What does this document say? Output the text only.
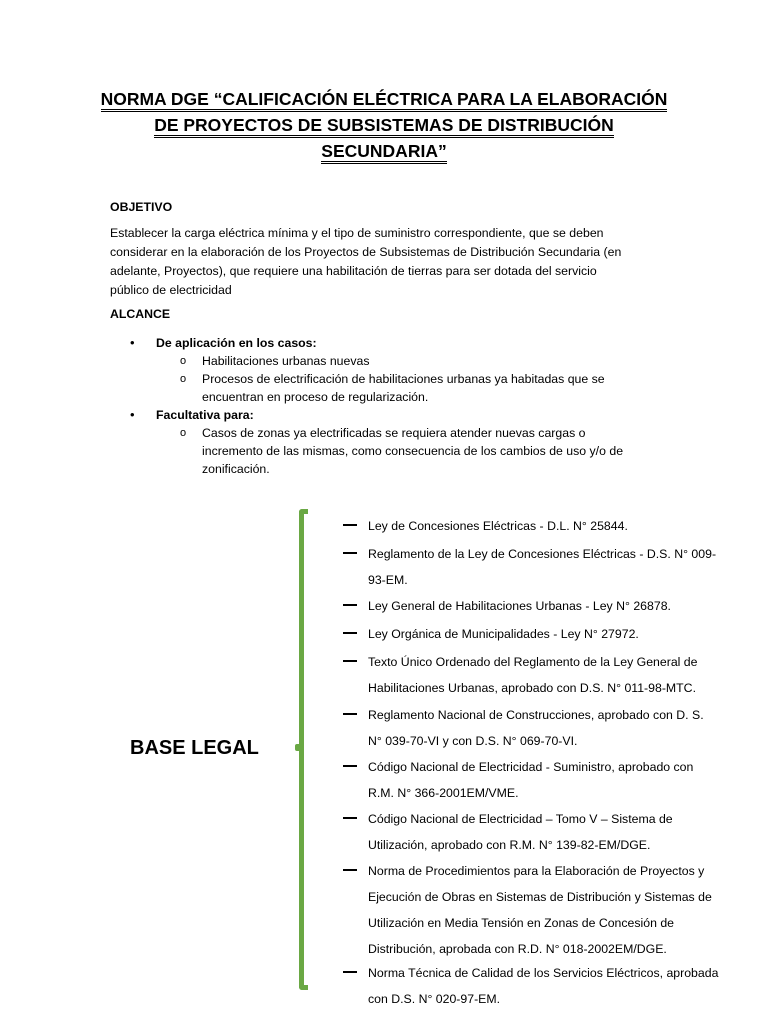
NORMA DGE “CALIFICACIÓN ELÉCTRICA PARA LA ELABORACIÓN
DE PROYECTOS DE SUBSISTEMAS DE DISTRIBUCIÓN
SECUNDARIA”
OBJETIVO
Establecer la carga eléctrica mínima y el tipo de suministro correspondiente, que se deben
considerar en la elaboración de los Proyectos de Subsistemas de Distribución Secundaria (en
adelante, Proyectos), que requiere una habilitación de tierras para ser dotada del servicio
público de electricidad
ALCANCE
• De aplicación en los casos:
o Habilitaciones urbanas nuevas
o Procesos de electrificación de habilitaciones urbanas ya habitadas que se
encuentran en proceso de regularización.
• Facultativa para:
o Casos de zonas ya electrificadas se requiera atender nuevas cargas o
incremento de las mismas, como consecuencia de los cambios de uso y/o de
zonificación.
BASE LEGAL
Ley de Concesiones Eléctricas - D.L. N° 25844.
Reglamento de la Ley de Concesiones Eléctricas - D.S. N° 009-
93-EM.
Ley General de Habilitaciones Urbanas - Ley N° 26878.
Ley Orgánica de Municipalidades - Ley N° 27972.
Texto Único Ordenado del Reglamento de la Ley General de
Habilitaciones Urbanas, aprobado con D.S. N° 011-98-MTC.
Reglamento Nacional de Construcciones, aprobado con D. S.
N° 039-70-VI y con D.S. N° 069-70-VI.
Código Nacional de Electricidad - Suministro, aprobado con
R.M. N° 366-2001EM/VME.
Código Nacional de Electricidad – Tomo V – Sistema de
Utilización, aprobado con R.M. N° 139-82-EM/DGE.
Norma de Procedimientos para la Elaboración de Proyectos y
Ejecución de Obras en Sistemas de Distribución y Sistemas de
Utilización en Media Tensión en Zonas de Concesión de
Distribución, aprobada con R.D. N° 018-2002EM/DGE.
Norma Técnica de Calidad de los Servicios Eléctricos, aprobada
con D.S. N° 020-97-EM.
